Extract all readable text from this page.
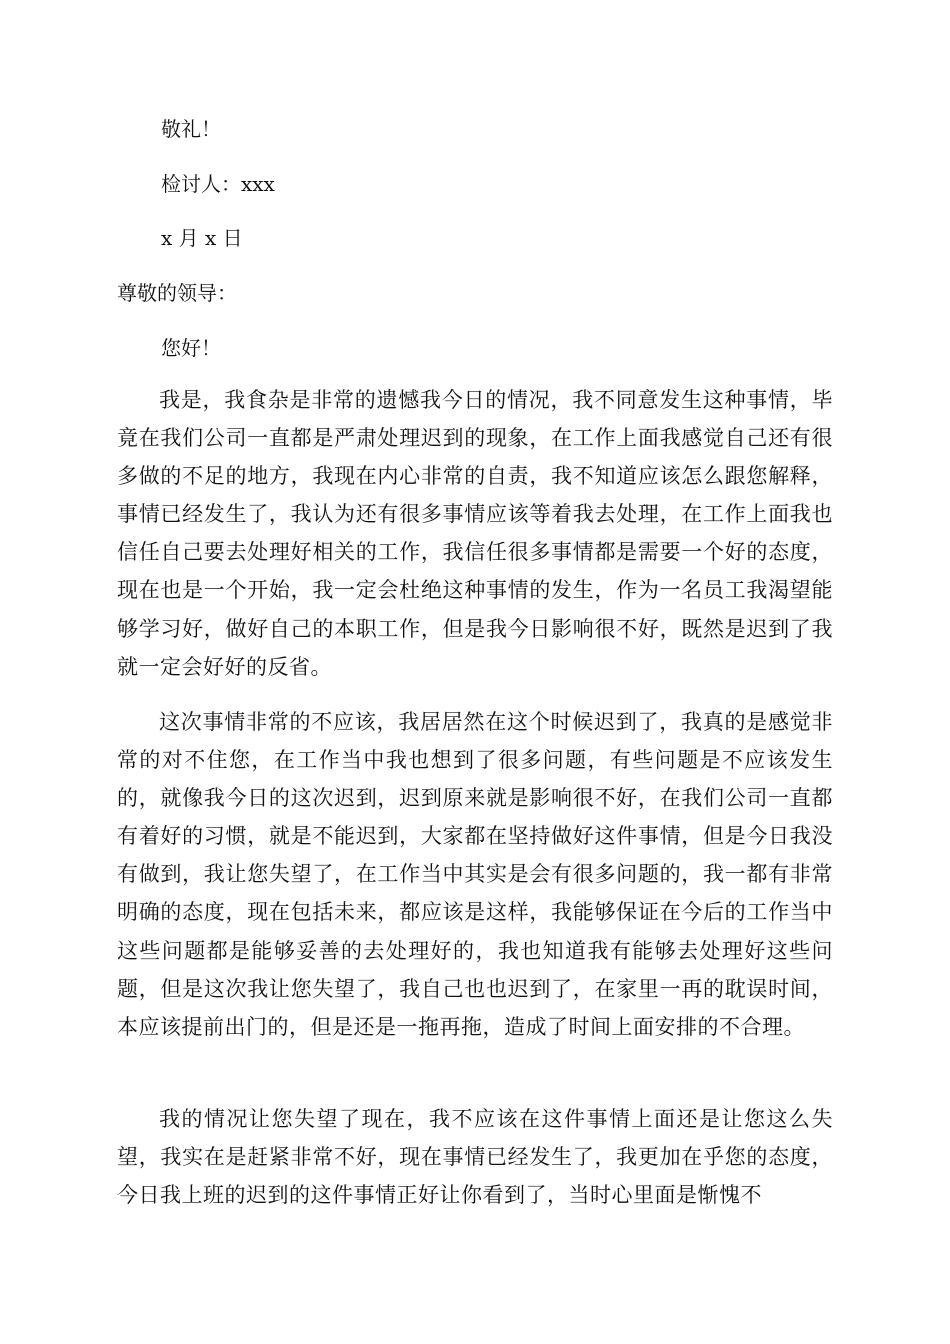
敬礼！
检讨人：xxx
x 月 x 日
尊敬的领导：
您好！

我是，我食杂是非常的遗憾我今日的情况，我不同意发生这种事情，毕竟在我们公司一直都是严肃处理迟到的现象，在工作上面我感觉自己还有很多做的不足的地方，我现在内心非常的自责，我不知道应该怎么跟您解释，事情已经发生了，我认为还有很多事情应该等着我去处理，在工作上面我也信任自己要去处理好相关的工作，我信任很多事情都是需要一个好的态度，现在也是一个开始，我一定会杜绝这种事情的发生，作为一名员工我渴望能够学习好，做好自己的本职工作，但是我今日影响很不好，既然是迟到了我就一定会好好的反省。

这次事情非常的不应该，我居居然在这个时候迟到了，我真的是感觉非常的对不住您，在工作当中我也想到了很多问题，有些问题是不应该发生的，就像我今日的这次迟到，迟到原来就是影响很不好，在我们公司一直都有着好的习惯，就是不能迟到，大家都在坚持做好这件事情，但是今日我没有做到，我让您失望了，在工作当中其实是会有很多问题的，我一都有非常明确的态度，现在包括未来，都应该是这样，我能够保证在今后的工作当中这些问题都是能够妥善的去处理好的，我也知道我有能够去处理好这些问题，但是这次我让您失望了，我自己也也迟到了，在家里一再的耽误时间，本应该提前出门的，但是还是一拖再拖，造成了时间上面安排的不合理。

我的情况让您失望了现在，我不应该在这件事情上面还是让您这么失望，我实在是赶紧非常不好，现在事情已经发生了，我更加在乎您的态度，今日我上班的迟到的这件事情正好让你看到了，当时心里面是惭愧不
